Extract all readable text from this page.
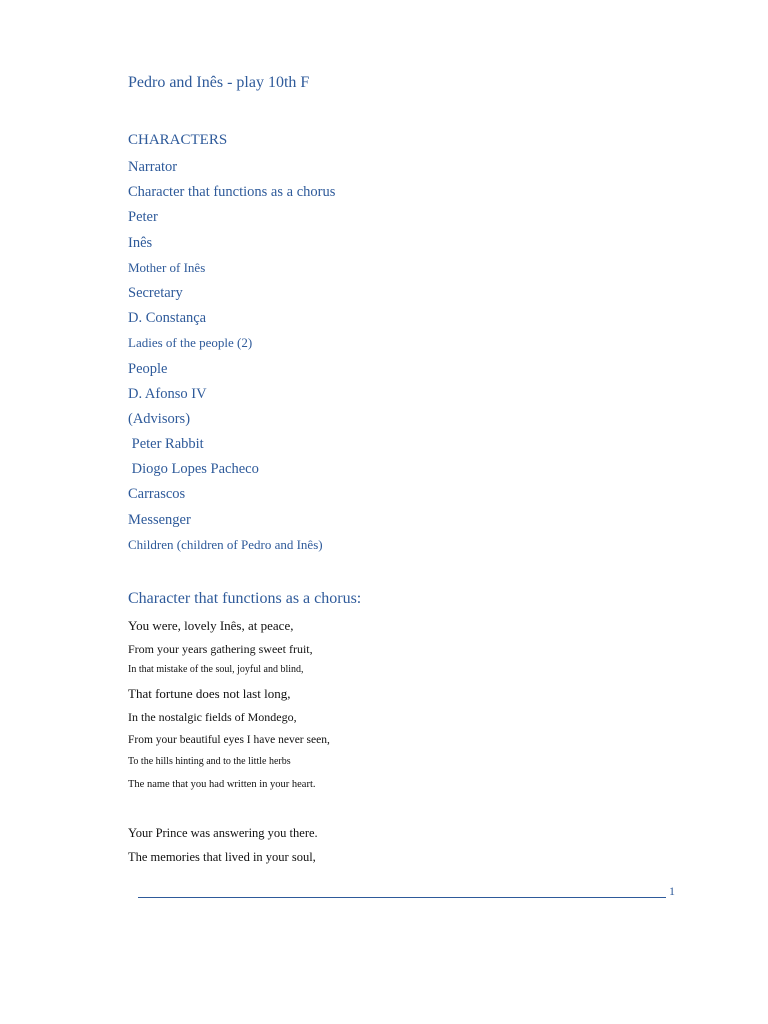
Pedro and Inês - play 10th F
CHARACTERS
Narrator
Character that functions as a chorus
Peter
Inês
Mother of Inês
Secretary
D. Constança
Ladies of the people (2)
People
D. Afonso IV
(Advisors)
Peter Rabbit
Diogo Lopes Pacheco
Carrascos
Messenger
Children (children of Pedro and Inês)
Character that functions as a chorus:
You were, lovely Inês, at peace,
From your years gathering sweet fruit,
In that mistake of the soul, joyful and blind,
That fortune does not last long,
In the nostalgic fields of Mondego,
From your beautiful eyes I have never seen,
To the hills hinting and to the little herbs
The name that you had written in your heart.
Your Prince was answering you there.
The memories that lived in your soul,
1
